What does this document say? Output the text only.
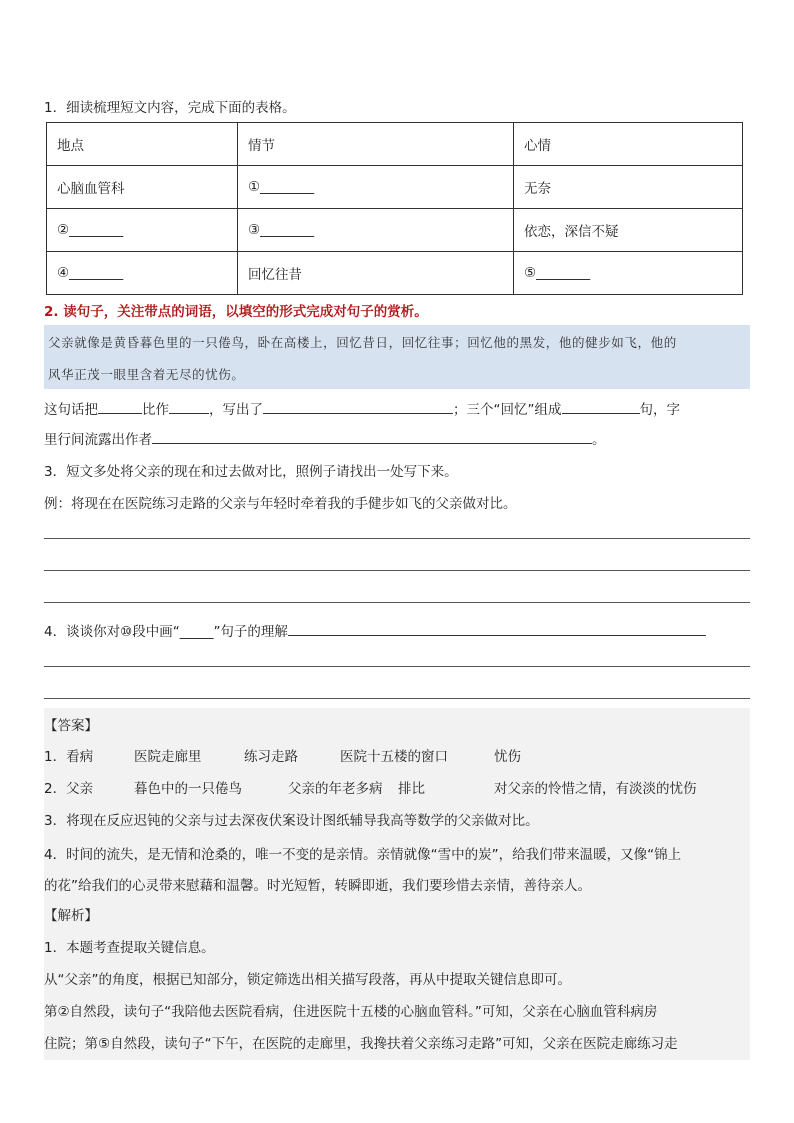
1．细读梳理短文内容，完成下面的表格。
地点	情节	心情
心脑血管科	①________	无奈
②________	③________	依恋，深信不疑
④________	回忆往昔	⑤________
2. 读句子，关注带点的词语，以填空的形式完成对句子的赏析。
父亲就像是黄昏暮色里的一只倦鸟，卧在高楼上，回忆昔日，回忆往事；回忆他的黑发，他的健步如飞，他的
风华正茂一眼里含着无尽的忧伤。
这句话把	比作	，写出了	；三个“回忆”组成	句，字
里行间流露出作者	。
3．短文多处将父亲的现在和过去做对比，照例子请找出一处写下来。
例：将现在在医院练习走路的父亲与年轻时牵着我的手健步如飞的父亲做对比。
4．谈谈你对⑩段中画“_____”句子的理解
【答案】
1．看病	医院走廊里	练习走路	医院十五楼的窗口	忧伤
2．父亲	暮色中的一只倦鸟	父亲的年老多病 排比	对父亲的怜惜之情，有淡淡的忧伤
3．将现在反应迟钝的父亲与过去深夜伏案设计图纸辅导我高等数学的父亲做对比。
4．时间的流失，是无情和沧桑的，唯一不变的是亲情。亲情就像“雪中的炭”，给我们带来温暖，又像“锦上
的花”给我们的心灵带来慰藉和温馨。时光短暂，转瞬即逝，我们要珍惜去亲情，善待亲人。
【解析】
1．本题考查提取关键信息。
从“父亲”的角度，根据已知部分，锁定筛选出相关描写段落，再从中提取关键信息即可。
第②自然段，读句子“我陪他去医院看病，住进医院十五楼的心脑血管科。”可知，父亲在心脑血管科病房
住院；第⑤自然段，读句子“下午，在医院的走廊里，我搀扶着父亲练习走路”可知，父亲在医院走廊练习走
